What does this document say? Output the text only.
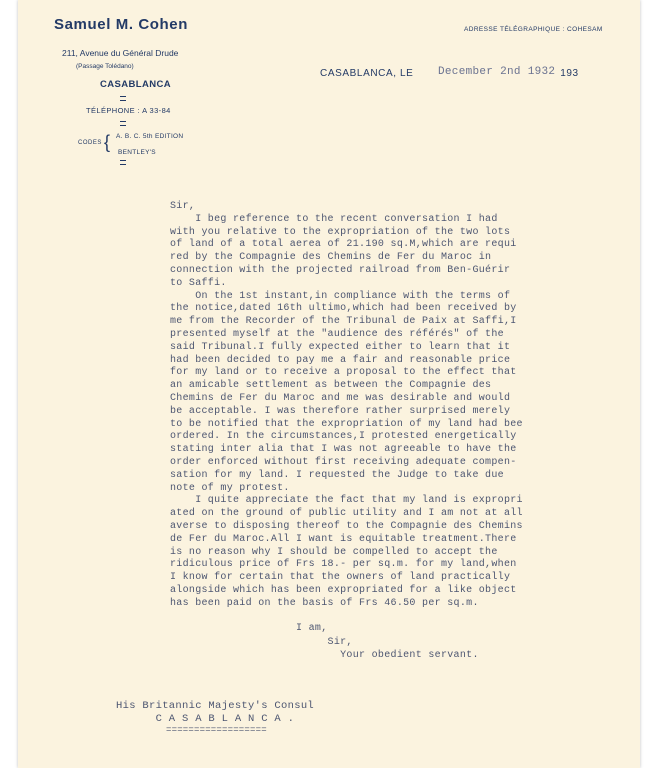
Samuel M. Cohen
211, Avenue du Général Drude
(Passage Tolédano)
CASABLANCA
TÉLÉPHONE : A 33-84
CODES { A. B. C. 5th EDITION
BENTLEY'S
ADRESSE TÉLÉGRAPHIQUE : COHESAM
CASABLANCA, LE	193
December 2nd 1932
Sir,
I beg reference to the recent conversation I had
with you relative to the expropriation of the two lots
of land of a total aerea of 21.190 sq.M,which are requi
red by the Compagnie des Chemins de Fer du Maroc in
connection with the projected railroad from Ben-Guérir
to Saffi.
On the 1st instant,in compliance with the terms of
the notice,dated 16th ultimo,which had been received by
me from the Recorder of the Tribunal de Paix at Saffi,I
presented myself at the "audience des référés" of the
said Tribunal.I fully expected either to learn that it
had been decided to pay me a fair and reasonable price
for my land or to receive a proposal to the effect that
an amicable settlement as between the Compagnie des
Chemins de Fer du Maroc and me was desirable and would
be acceptable. I was therefore rather surprised merely
to be notified that the expropriation of my land had bee
ordered. In the circumstances,I protested energetically
stating inter alia that I was not agreeable to have the
order enforced without first receiving adequate compen-
sation for my land. I requested the Judge to take due
note of my protest.
I quite appreciate the fact that my land is expropri
ated on the ground of public utility and I am not at all
averse to disposing thereof to the Compagnie des Chemins
de Fer du Maroc.All I want is equitable treatment.There
is no reason why I should be compelled to accept the
ridiculous price of Frs 18.- per sq.m. for my land,when
I know for certain that the owners of land practically
alongside which has been expropriated for a like object
has been paid on the basis of Frs 46.50 per sq.m.
I am,
Sir,
Your obedient servant.
His Britannic Majesty's Consul
C A S A B L A N C A .
==================
